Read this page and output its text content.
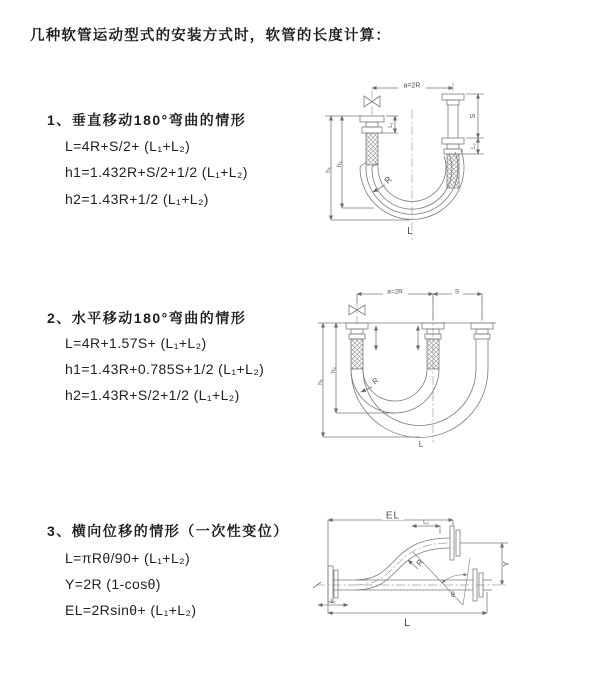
几种软管运动型式的安装方式时，软管的长度计算：
1、垂直移动180°弯曲的情形
L=4R+S/2+ (L₁+L₂)
h1=1.432R+S/2+1/2 (L₁+L₂)
h2=1.43R+1/2 (L₁+L₂)
a=2R
L₁
S
L₂
h₁
h₂
R
L
2、水平移动180°弯曲的情形
L=4R+1.57S+ (L₁+L₂)
h1=1.43R+0.785S+1/2 (L₁+L₂)
h2=1.43R+S/2+1/2 (L₁+L₂)
a=2R	S
h₁
h₂
R
L
3、横向位移的情形（一次性变位）
L=πRθ/90+ (L₁+L₂)
Y=2R (1-cosθ)
EL=2Rsinθ+ (L₁+L₂)
EL
L₂
Y
R
θ
L₁
L
